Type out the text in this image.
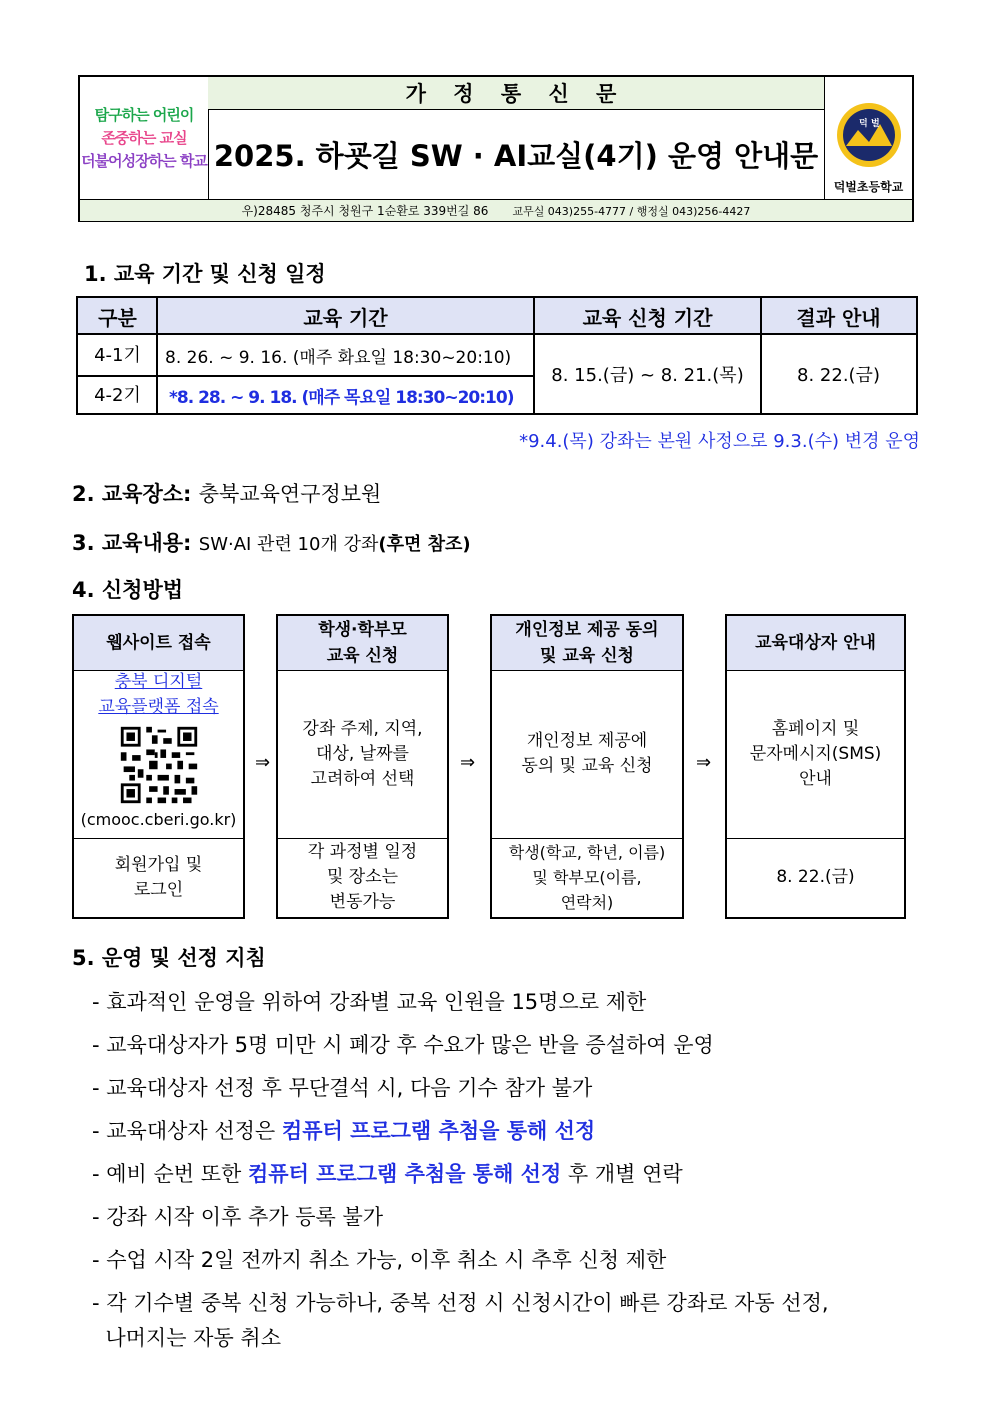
탐구하는 어린이
존중하는 교실
더불어성장하는 학교
가 정 통 신 문
2025. 하굣길 SW · AI교실(4기) 운영 안내문
덕 벌
덕벌초등학교
우)28485 청주시 청원구 1순환로 339번길 86 교무실 043)255-4777 / 행정실 043)256-4427
1. 교육 기간 및 신청 일정
구분	교육 기간	교육 신청 기간	결과 안내
4-1기	8. 26. ~ 9. 16. (매주 화요일 18:30~20:10)
4-2기	*8. 28. ~ 9. 18. (매주 목요일 18:30~20:10)
8. 15.(금) ~ 8. 21.(목)	8. 22.(금)
*9.4.(목) 강좌는 본원 사정으로 9.3.(수) 변경 운영
2. 교육장소: 충북교육연구정보원
3. 교육내용: SW·AI 관련 10개 강좌(후면 참조)
4. 신청방법
웹사이트 접속
충북 디지털
교육플랫폼 접속
(cmooc.cberi.go.kr)
회원가입 및
로그인
⇒
학생·학부모
교육 신청
강좌 주제, 지역,
대상, 날짜를
고려하여 선택
각 과정별 일정
및 장소는
변동가능
⇒
개인정보 제공 동의
및 교육 신청
개인정보 제공에
동의 및 교육 신청
학생(학교, 학년, 이름)
및 학부모(이름,
연락처)
⇒
교육대상자 안내
홈페이지 및
문자메시지(SMS)
안내
8. 22.(금)
5. 운영 및 선정 지침
- 효과적인 운영을 위하여 강좌별 교육 인원을 15명으로 제한
- 교육대상자가 5명 미만 시 폐강 후 수요가 많은 반을 증설하여 운영
- 교육대상자 선정 후 무단결석 시, 다음 기수 참가 불가
- 교육대상자 선정은 컴퓨터 프로그램 추첨을 통해 선정
- 예비 순번 또한 컴퓨터 프로그램 추첨을 통해 선정 후 개별 연락
- 강좌 시작 이후 추가 등록 불가
- 수업 시작 2일 전까지 취소 가능, 이후 취소 시 추후 신청 제한
- 각 기수별 중복 신청 가능하나, 중복 선정 시 신청시간이 빠른 강좌로 자동 선정,
나머지는 자동 취소
